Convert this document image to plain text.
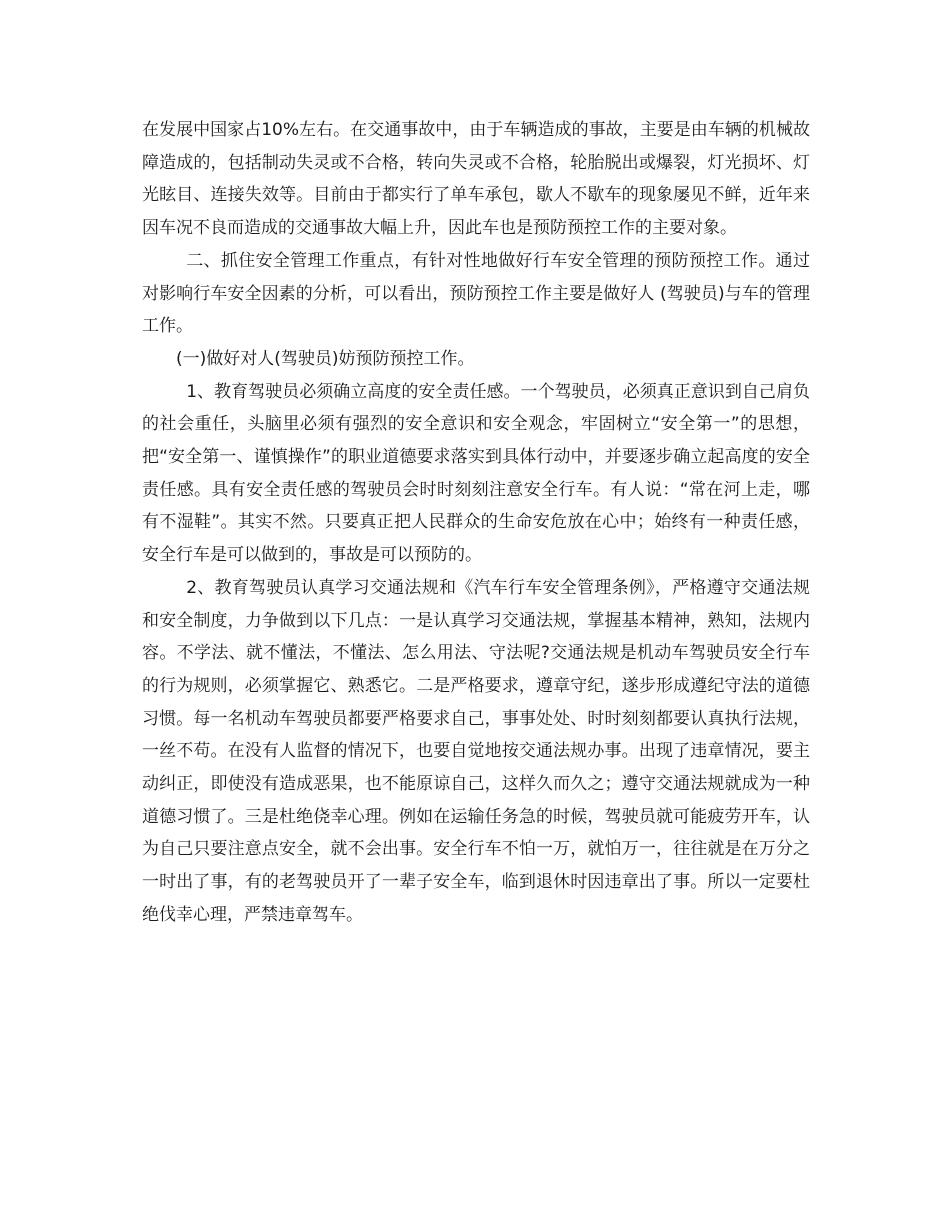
在发展中国家占10%左右。在交通事故中，由于车辆造成的事故，主要是由车辆的机械故障造成的，包括制动失灵或不合格，转向失灵或不合格，轮胎脱出或爆裂，灯光损坏、灯光眩目、连接失效等。目前由于都实行了单车承包，歇人不歇车的现象屡见不鲜，近年来因车况不良而造成的交通事故大幅上升，因此车也是预防预控工作的主要对象。

二、抓住安全管理工作重点，有针对性地做好行车安全管理的预防预控工作。通过对影响行车安全因素的分析，可以看出，预防预控工作主要是做好人 (驾驶员)与车的管理工作。

(一)做好对人(驾驶员)妨预防预控工作。

1、教育驾驶员必须确立高度的安全责任感。一个驾驶员，必须真正意识到自己肩负的社会重任，头脑里必须有强烈的安全意识和安全观念，牢固树立“安全第一”的思想，把“安全第一、谨慎操作”的职业道德要求落实到具体行动中，并要逐步确立起高度的安全责任感。具有安全责任感的驾驶员会时时刻刻注意安全行车。有人说：“常在河上走，哪有不湿鞋”。其实不然。只要真正把人民群众的生命安危放在心中；始终有一种责任感，安全行车是可以做到的，事故是可以预防的。

2、教育驾驶员认真学习交通法规和《汽车行车安全管理条例》，严格遵守交通法规和安全制度，力争做到以下几点：一是认真学习交通法规，掌握基本精神，熟知，法规内容。不学法、就不懂法，不懂法、怎么用法、守法呢?交通法规是机动车驾驶员安全行车的行为规则，必须掌握它、熟悉它。二是严格要求，遵章守纪，遂步形成遵纪守法的道德习惯。每一名机动车驾驶员都要严格要求自己，事事处处、时时刻刻都要认真执行法规，一丝不苟。在没有人监督的情况下，也要自觉地按交通法规办事。出现了违章情况，要主动纠正，即使没有造成恶果，也不能原谅自己，这样久而久之；遵守交通法规就成为一种道德习惯了。三是杜绝侥幸心理。例如在运输任务急的时候，驾驶员就可能疲劳开车，认为自己只要注意点安全，就不会出事。安全行车不怕一万，就怕万一，往往就是在万分之一时出了事，有的老驾驶员开了一辈子安全车，临到退休时因违章出了事。所以一定要杜绝伐幸心理，严禁违章驾车。
